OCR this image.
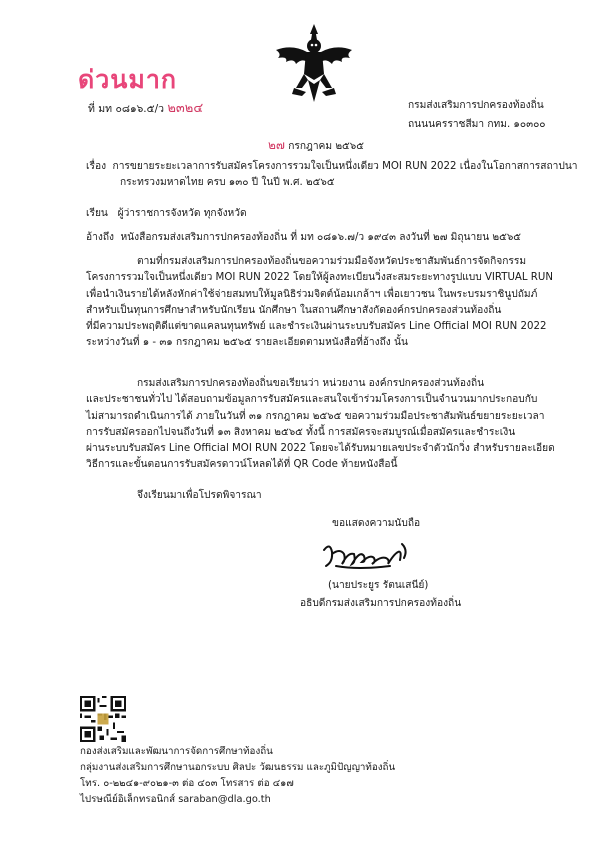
ด่วนมาก
ที่ มท ๐๘๑๖.๕/ว ๒๓๒๔	กรมส่งเสริมการปกครองท้องถิ่น
ถนนนครราชสีมา กทม. ๑๐๓๐๐
๒๗ กรกฎาคม ๒๕๖๕
เรื่อง การขยายระยะเวลาการรับสมัครโครงการรวมใจเป็นหนึ่งเดียว MOI RUN 2022 เนื่องในโอกาสการสถาปนา
กระทรวงมหาดไทย ครบ ๑๓๐ ปี ในปี พ.ศ. ๒๕๖๕
เรียน ผู้ว่าราชการจังหวัด ทุกจังหวัด
อ้างถึง หนังสือกรมส่งเสริมการปกครองท้องถิ่น ที่ มท ๐๘๑๖.๗/ว ๑๙๔๓ ลงวันที่ ๒๗ มิถุนายน ๒๕๖๕

ตามที่กรมส่งเสริมการปกครองท้องถิ่นขอความร่วมมือจังหวัดประชาสัมพันธ์การจัดกิจกรรม

โครงการรวมใจเป็นหนึ่งเดียว MOI RUN 2022 โดยให้ผู้ลงทะเบียนวิ่งสะสมระยะทางรูปแบบ VIRTUAL RUN

เพื่อนำเงินรายได้หลังหักค่าใช้จ่ายสมทบให้มูลนิธิร่วมจิตต์น้อมเกล้าฯ เพื่อเยาวชน ในพระบรมราชินูปถัมภ์

สำหรับเป็นทุนการศึกษาสำหรับนักเรียน นักศึกษา ในสถานศึกษาสังกัดองค์กรปกครองส่วนท้องถิ่น

ที่มีความประพฤติดีแต่ขาดแคลนทุนทรัพย์ และชำระเงินผ่านระบบรับสมัคร Line Official MOI RUN 2022

ระหว่างวันที่ ๑ - ๓๑ กรกฎาคม ๒๕๖๕ รายละเอียดตามหนังสือที่อ้างถึง นั้น

กรมส่งเสริมการปกครองท้องถิ่นขอเรียนว่า หน่วยงาน องค์กรปกครองส่วนท้องถิ่น

และประชาชนทั่วไป ได้สอบถามข้อมูลการรับสมัครและสนใจเข้าร่วมโครงการเป็นจำนวนมากประกอบกับ

ไม่สามารถดำเนินการได้ ภายในวันที่ ๓๑ กรกฎาคม ๒๕๖๕ ขอความร่วมมือประชาสัมพันธ์ขยายระยะเวลา

การรับสมัครออกไปจนถึงวันที่ ๑๓ สิงหาคม ๒๕๖๕ ทั้งนี้ การสมัครจะสมบูรณ์เมื่อสมัครและชำระเงิน

ผ่านระบบรับสมัคร Line Official MOI RUN 2022 โดยจะได้รับหมายเลขประจำตัวนักวิ่ง สำหรับรายละเอียด

วิธีการและขั้นตอนการรับสมัครดาวน์โหลดได้ที่ QR Code ท้ายหนังสือนี้

จึงเรียนมาเพื่อโปรดพิจารณา

ขอแสดงความนับถือ
(นายประยูร รัตนเสนีย์)
อธิบดีกรมส่งเสริมการปกครองท้องถิ่น
กองส่งเสริมและพัฒนาการจัดการศึกษาท้องถิ่น
กลุ่มงานส่งเสริมการศึกษานอกระบบ ศิลปะ วัฒนธรรม และภูมิปัญญาท้องถิ่น
โทร. ๐-๒๒๔๑-๙๐๒๑-๓ ต่อ ๔๐๓ โทรสาร ต่อ ๔๑๗
ไปรษณีย์อิเล็กทรอนิกส์ saraban@dla.go.th
